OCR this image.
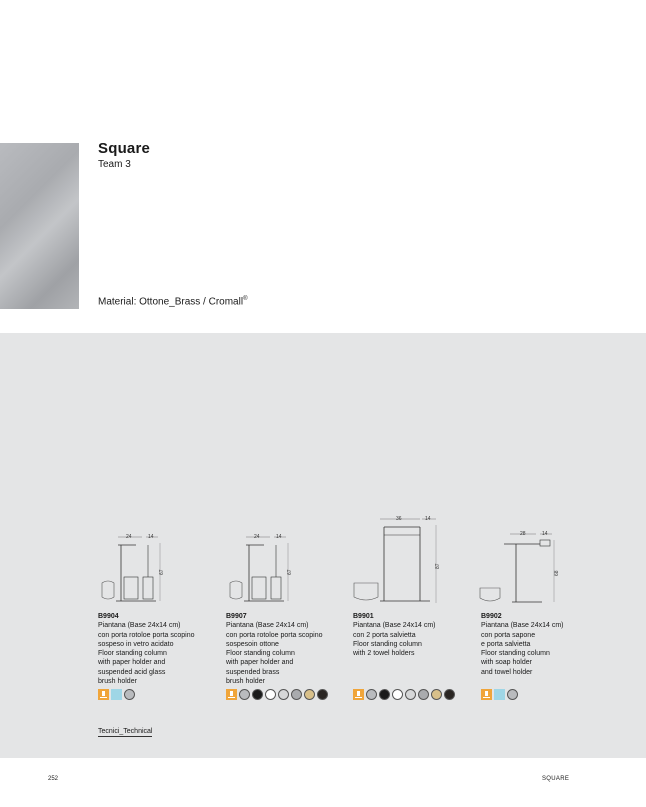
Square
Team 3
Material: Ottone_Brass / Cromall®
24	14
67
24	14
67
36	14
87
28	14
68
B9904
Piantana (Base 24x14 cm)
con porta rotoloe porta scopino
sospeso in vetro acidato
Floor standing column
with paper holder and
suspended acid glass
brush holder
B9907
Piantana (Base 24x14 cm)
con porta rotoloe porta scopino
sospesoin ottone
Floor standing column
with paper holder and
suspended brass
brush holder
B9901
Piantana (Base 24x14 cm)
con 2 porta salvietta
Floor standing column
with 2 towel holders
B9902
Piantana (Base 24x14 cm)
con porta sapone
e porta salvietta
Floor standing column
with soap holder
and towel holder
Tecnici_Technical
252	SQUARE
